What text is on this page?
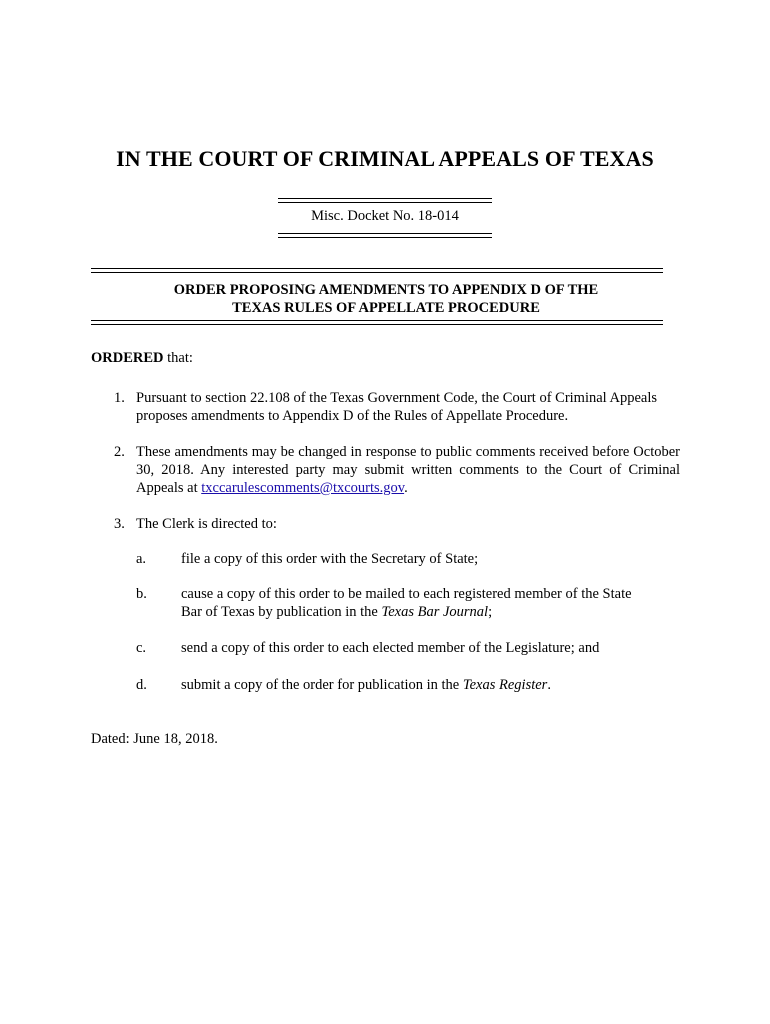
IN THE COURT OF CRIMINAL APPEALS OF TEXAS
Misc. Docket No. 18-014
ORDER PROPOSING AMENDMENTS TO APPENDIX D OF THE
TEXAS RULES OF APPELLATE PROCEDURE
ORDERED that:
1. Pursuant to section 22.108 of the Texas Government Code, the Court of Criminal Appeals proposes amendments to Appendix D of the Rules of Appellate Procedure.
2. These amendments may be changed in response to public comments received before October 30, 2018. Any interested party may submit written comments to the Court of Criminal Appeals at txccarulescomments@txcourts.gov.
3. The Clerk is directed to:
a. file a copy of this order with the Secretary of State;
b. cause a copy of this order to be mailed to each registered member of the State Bar of Texas by publication in the Texas Bar Journal;
c. send a copy of this order to each elected member of the Legislature; and
d. submit a copy of the order for publication in the Texas Register.
Dated: June 18, 2018.
